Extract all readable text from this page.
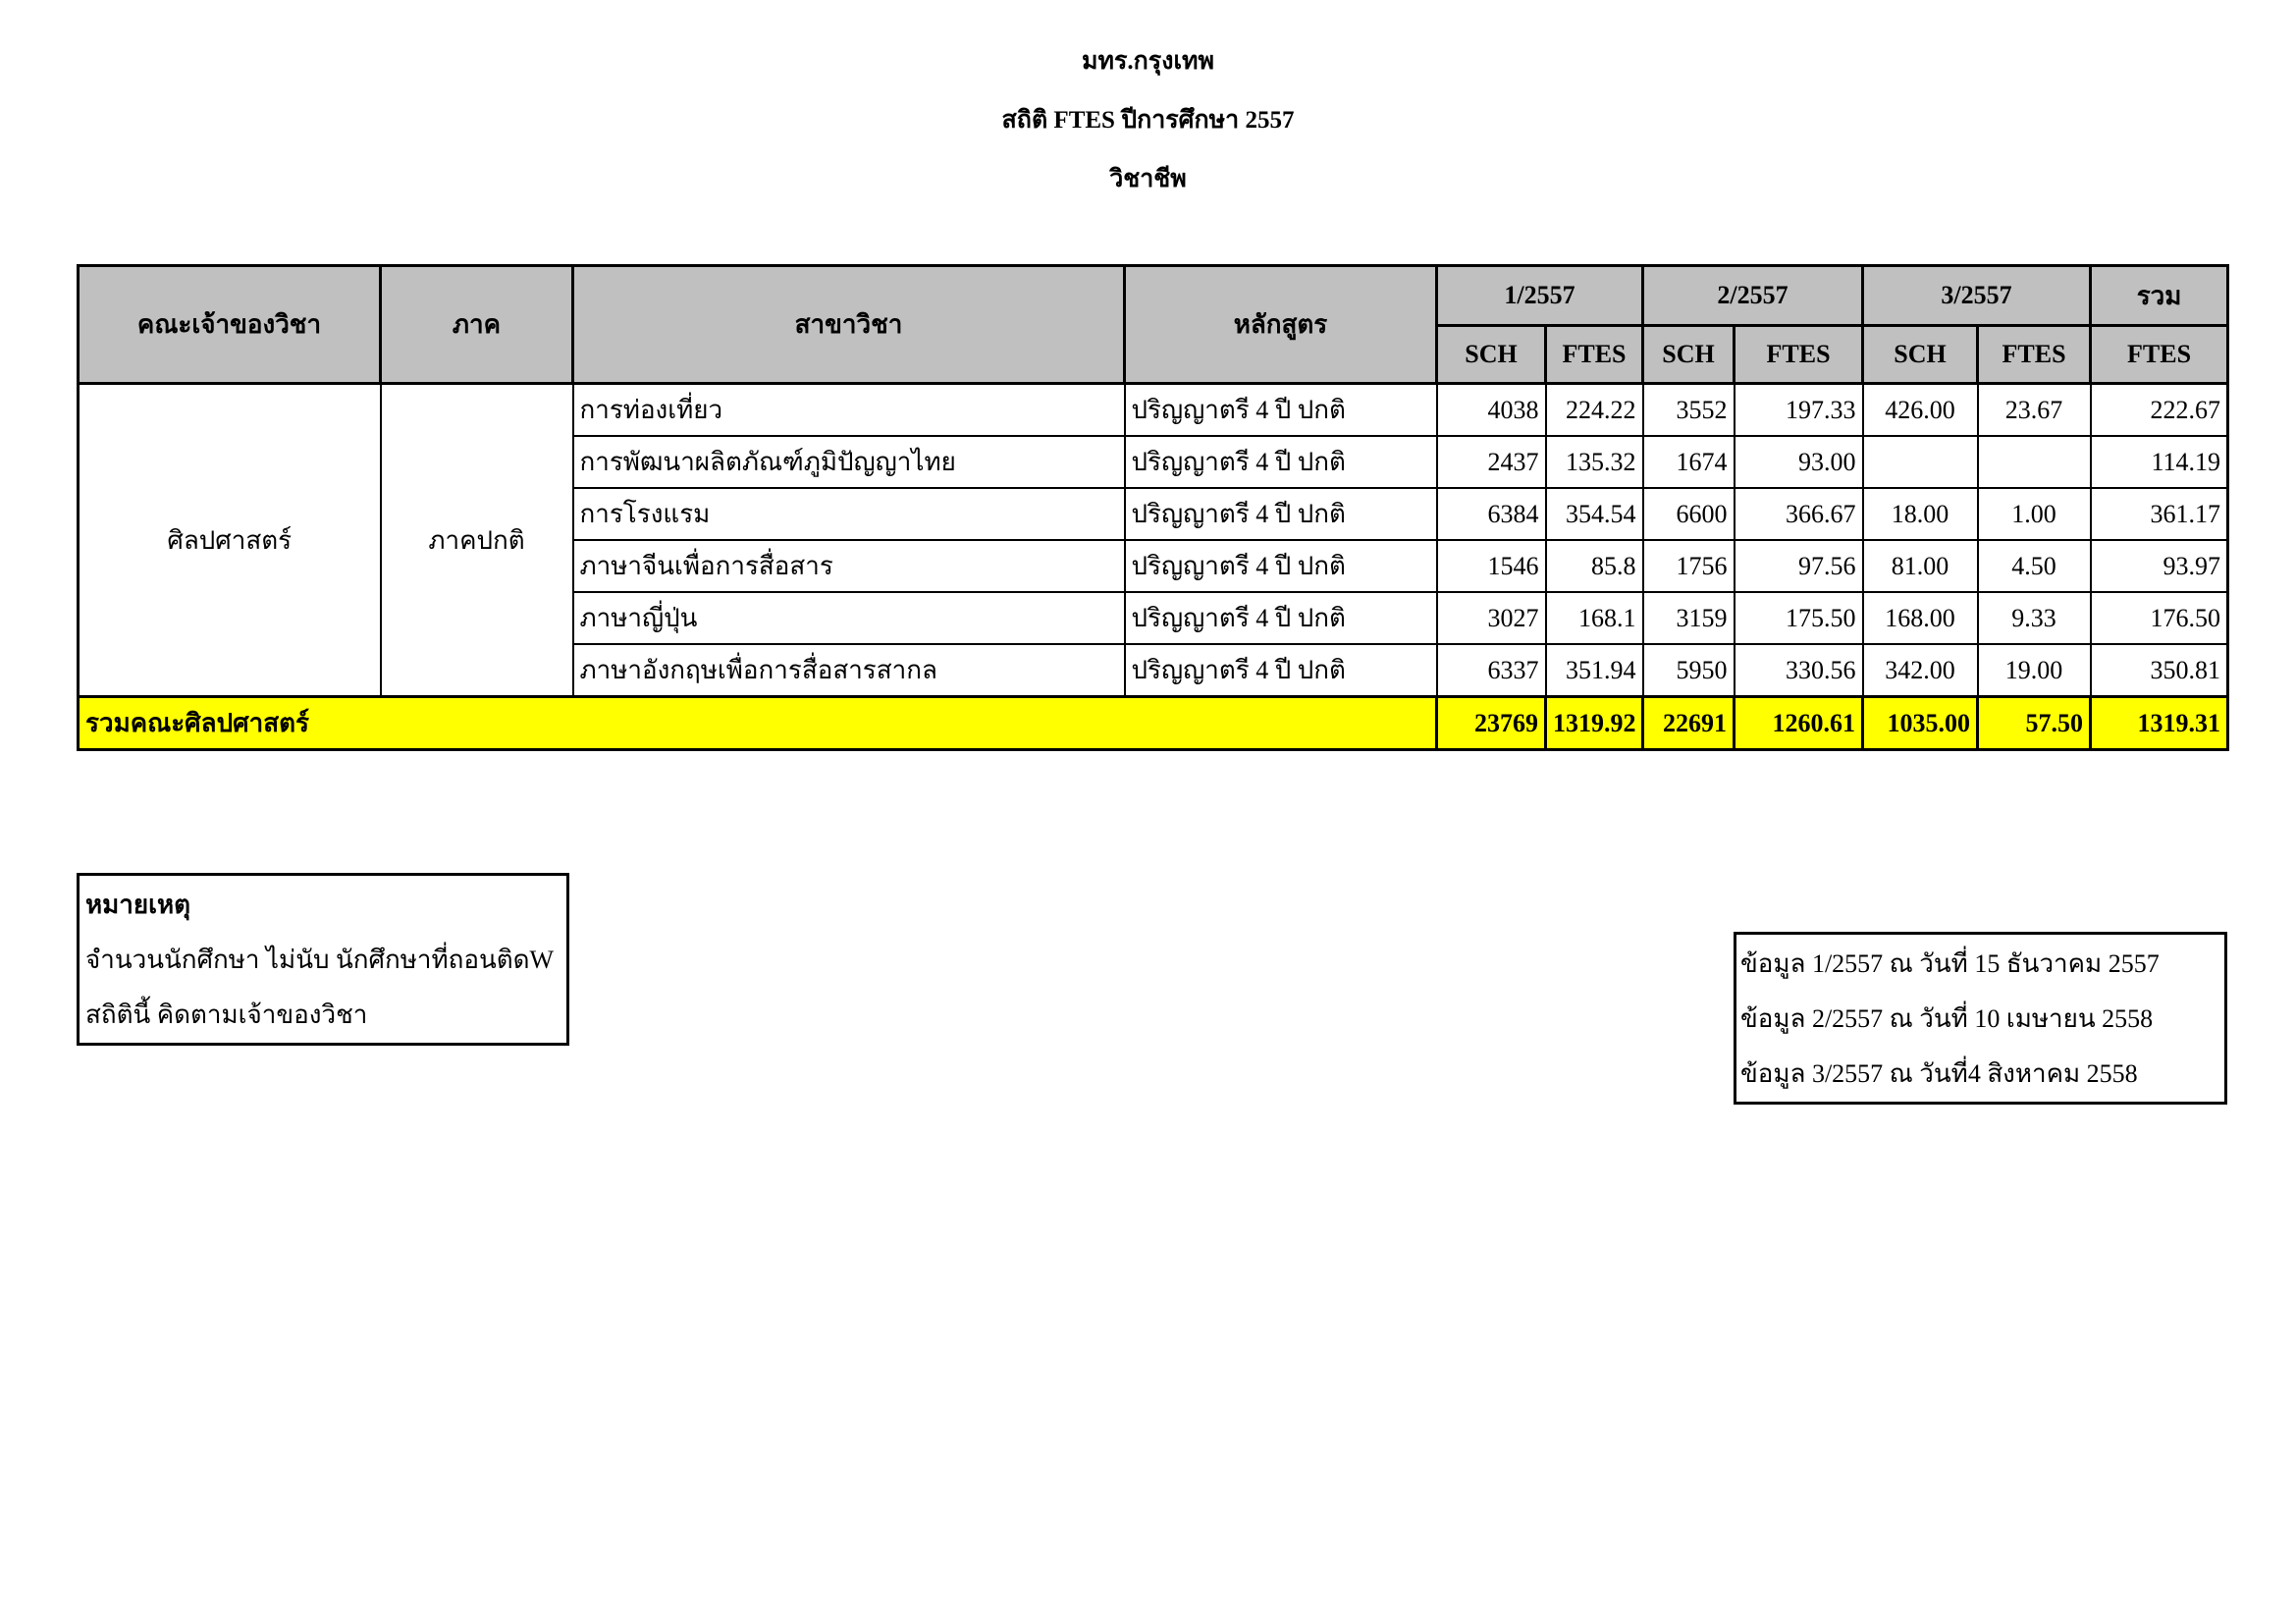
มทร.กรุงเทพ
สถิติ FTES ปีการศึกษา 2557
วิชาชีพ
คณะเจ้าของวิชา	ภาค	สาขาวิชา	หลักสูตร	1/2557		2/2557		3/2557		รวม
				SCH	FTES	SCH	FTES	SCH	FTES	FTES
ศิลปศาสตร์	ภาคปกติ	การท่องเที่ยว	ปริญญาตรี 4 ปี ปกติ	4038	224.22	3552	197.33	426.00	23.67	222.67
		การพัฒนาผลิตภัณฑ์ภูมิปัญญาไทย	ปริญญาตรี 4 ปี ปกติ	2437	135.32	1674	93.00			114.19
		การโรงแรม	ปริญญาตรี 4 ปี ปกติ	6384	354.54	6600	366.67	18.00	1.00	361.17
		ภาษาจีนเพื่อการสื่อสาร	ปริญญาตรี 4 ปี ปกติ	1546	85.8	1756	97.56	81.00	4.50	93.97
		ภาษาญี่ปุ่น	ปริญญาตรี 4 ปี ปกติ	3027	168.1	3159	175.50	168.00	9.33	176.50
		ภาษาอังกฤษเพื่อการสื่อสารสากล	ปริญญาตรี 4 ปี ปกติ	6337	351.94	5950	330.56	342.00	19.00	350.81
รวมคณะศิลปศาสตร์				23769	1319.92	22691	1260.61	1035.00	57.50	1319.31
หมายเหตุ
จำนวนนักศึกษา ไม่นับ นักศึกษาที่ถอนติดW
สถิตินี้ คิดตามเจ้าของวิชา
ข้อมูล 1/2557 ณ วันที่ 15 ธันวาคม 2557
ข้อมูล 2/2557 ณ วันที่ 10 เมษายน 2558
ข้อมูล 3/2557 ณ วันที่4 สิงหาคม 2558
